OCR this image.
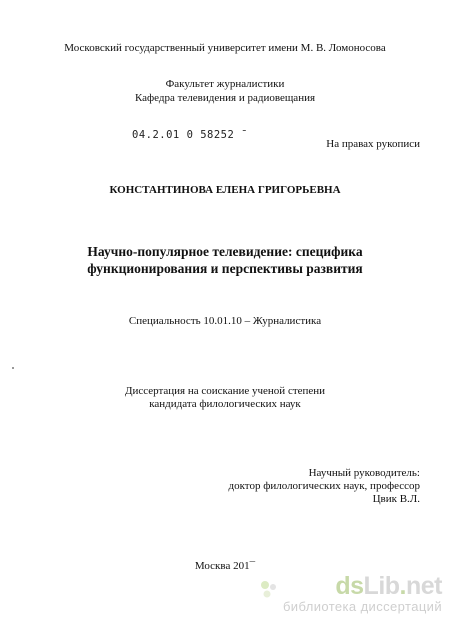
Московский государственный университет имени М. В. Ломоносова
Факультет журналистики
Кафедра телевидения и радиовещания
04.2.01 0 58252 ¯
На правах рукописи
КОНСТАНТИНОВА ЕЛЕНА ГРИГОРЬЕВНА
Научно-популярное телевидение: специфика
функционирования и перспективы развития
Специальность 10.01.10 – Журналистика
Диссертация на соискание ученой степени
кандидата филологических наук
Научный руководитель:
доктор филологических наук, профессор
Цвик В.Л.
Москва 201¯
dsLib.net
библиотека диссертаций
